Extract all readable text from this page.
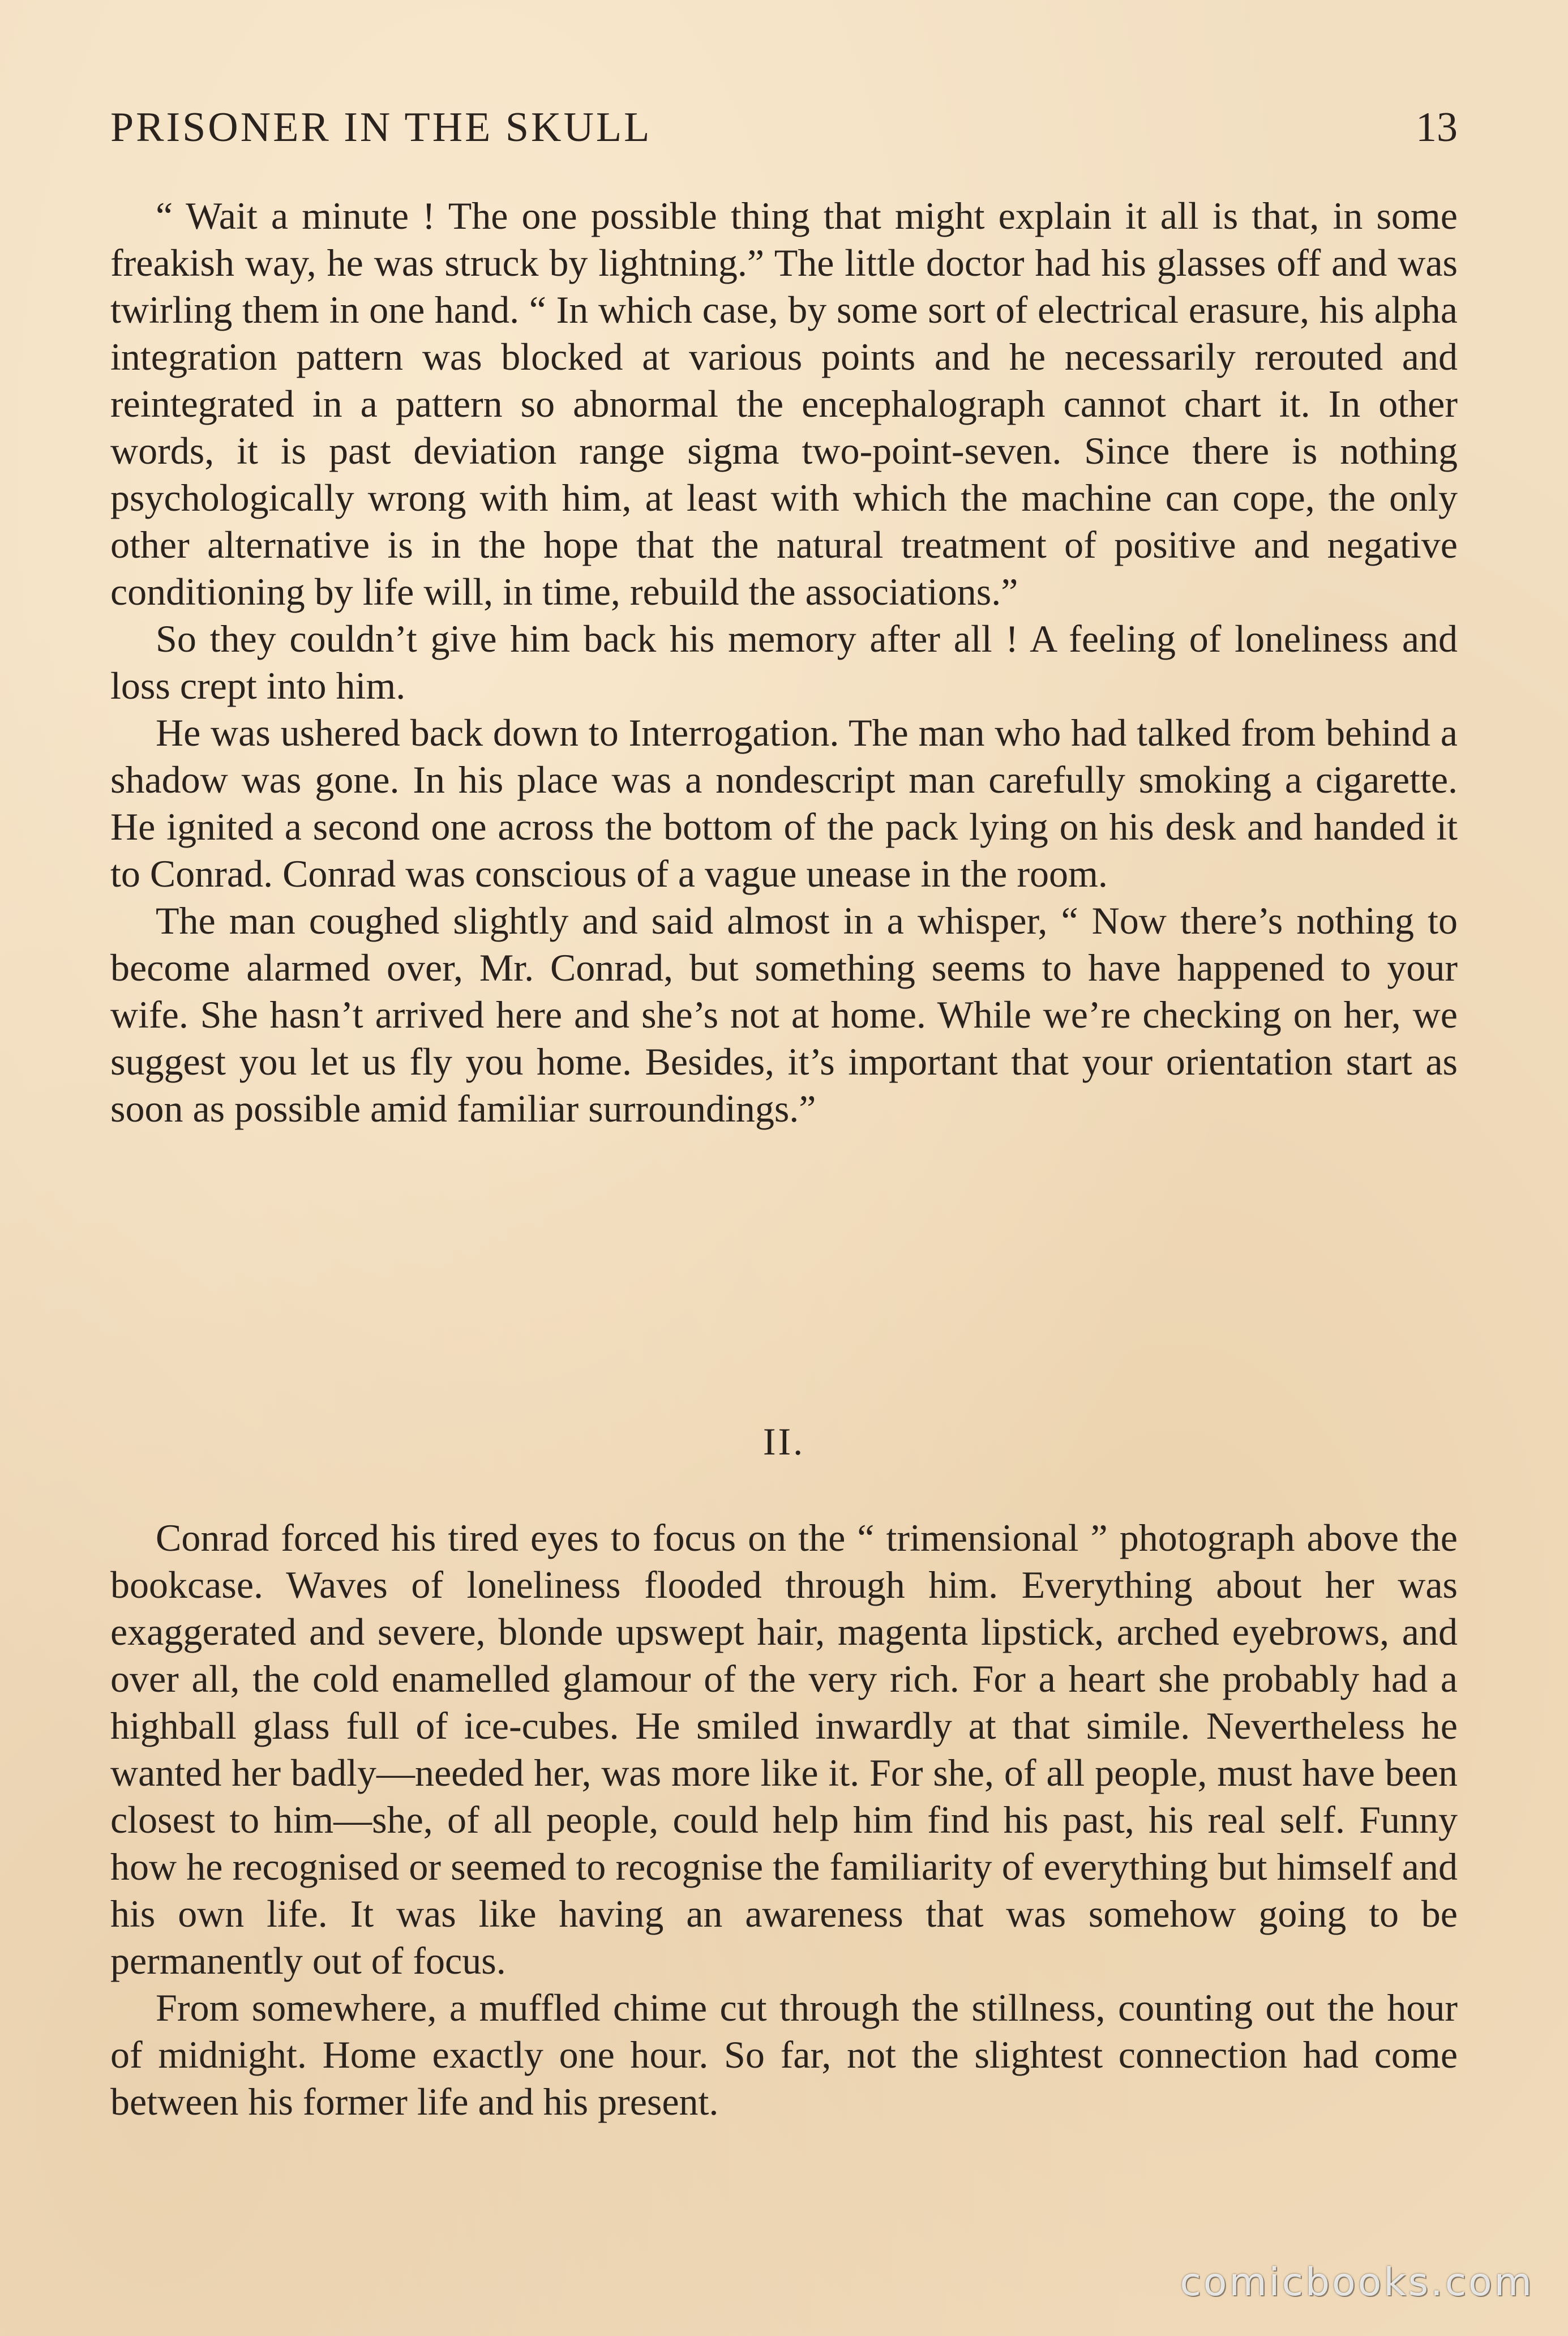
PRISONER IN THE SKULL	13

“ Wait a minute ! The one possible thing that might explain it all is that, in some freakish way, he was struck by lightning.” The little doctor had his glasses off and was twirling them in one hand. “ In which case, by some sort of electrical erasure, his alpha integration pattern was blocked at various points and he necessarily rerouted and reintegrated in a pattern so abnormal the encephalograph cannot chart it. In other words, it is past deviation range sigma two-point-seven. Since there is nothing psychologically wrong with him, at least with which the machine can cope, the only other alternative is in the hope that the natural treatment of positive and negative conditioning by life will, in time, rebuild the associations.”

So they couldn’t give him back his memory after all ! A feeling of loneliness and loss crept into him.

He was ushered back down to Interrogation. The man who had talked from behind a shadow was gone. In his place was a nondescript man carefully smoking a cigarette. He ignited a second one across the bottom of the pack lying on his desk and handed it to Conrad. Conrad was conscious of a vague unease in the room.

The man coughed slightly and said almost in a whisper, “ Now there’s nothing to become alarmed over, Mr. Conrad, but something seems to have happened to your wife. She hasn’t arrived here and she’s not at home. While we’re checking on her, we suggest you let us fly you home. Besides, it’s important that your orientation start as soon as possible amid familiar surroundings.”

II.

Conrad forced his tired eyes to focus on the “ trimensional ” photograph above the bookcase. Waves of loneliness flooded through him. Everything about her was exaggerated and severe, blonde upswept hair, magenta lipstick, arched eyebrows, and over all, the cold enamelled glamour of the very rich. For a heart she probably had a highball glass full of ice-cubes. He smiled inwardly at that simile. Nevertheless he wanted her badly—needed her, was more like it. For she, of all people, must have been closest to him—she, of all people, could help him find his past, his real self. Funny how he recognised or seemed to recognise the familiarity of everything but himself and his own life. It was like having an awareness that was somehow going to be permanently out of focus.

From somewhere, a muffled chime cut through the stillness, counting out the hour of midnight. Home exactly one hour. So far, not the slightest connection had come between his former life and his present.

comicbooks.com
